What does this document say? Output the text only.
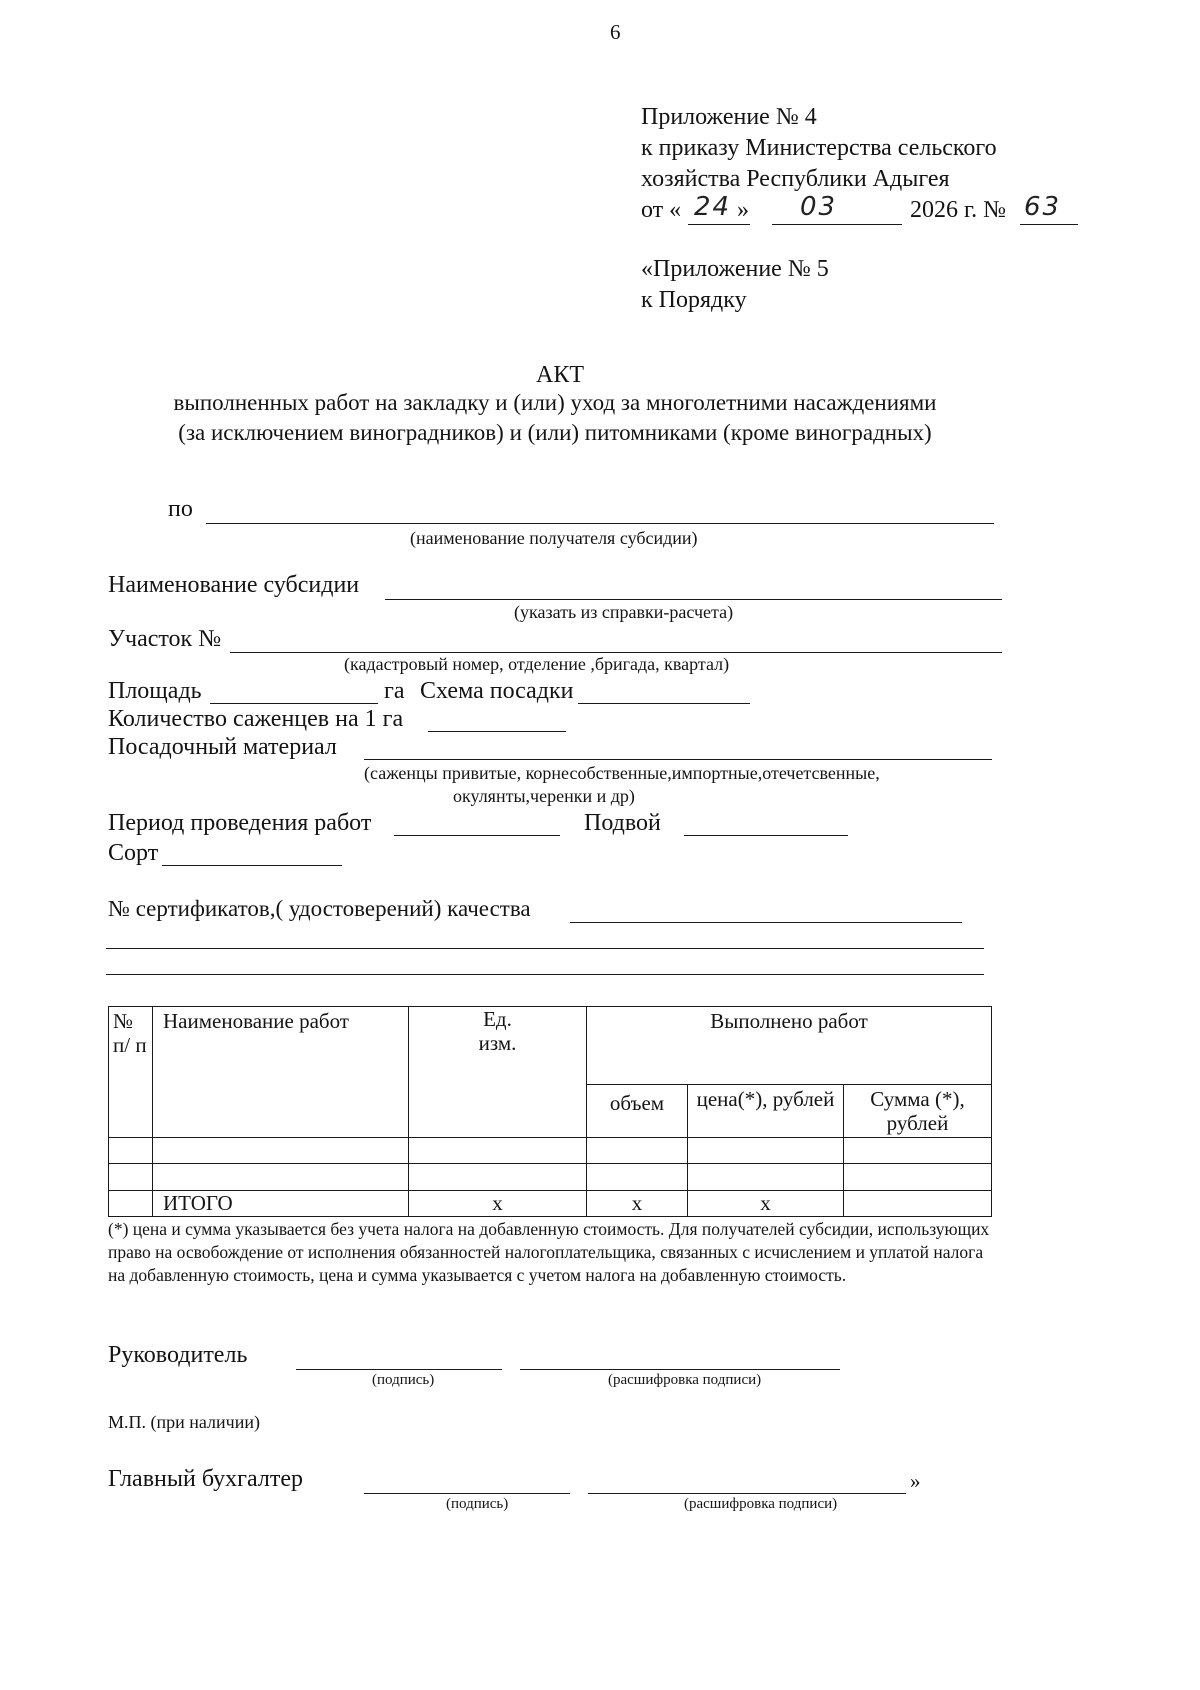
6
Приложение № 4
к приказу Министерства сельского
хозяйства Республики Адыгея
от « 24 » 03	2026 г. № 63
«Приложение № 5
к Порядку
АКТ
выполненных работ на закладку и (или) уход за многолетними насаждениями
(за исключением виноградников) и (или) питомниками (кроме виноградных)
по
(наименование получателя субсидии)
Наименование субсидии
(указать из справки-расчета)
Участок №
(кадастровый номер, отделение ,бригада, квартал)
Площадь	га Схема посадки
Количество саженцев на 1 га
Посадочный материал
(саженцы привитые, корнесобственные,импортные,отечетсвенные,
окулянты,черенки и др)
Период проведения работ	Подвой
Сорт
№ сертификатов,( удостоверений) качества
№ п/ п	Наименование работ	Ед. изм.	Выполнено работ		
			объем	цена(*), рублей	Сумма (*), рублей

	ИТОГО	х	х	х	
(*) цена и сумма указывается без учета налога на добавленную стоимость. Для получателей субсидии, использующих право на освобождение от исполнения обязанностей налогоплательщика, связанных с исчислением и уплатой налога на добавленную стоимость, цена и сумма указывается с учетом налога на добавленную стоимость.
Руководитель
(подпись)	(расшифровка подписи)
М.П. (при наличии)
Главный бухгалтер	»
(подпись)	(расшифровка подписи)
